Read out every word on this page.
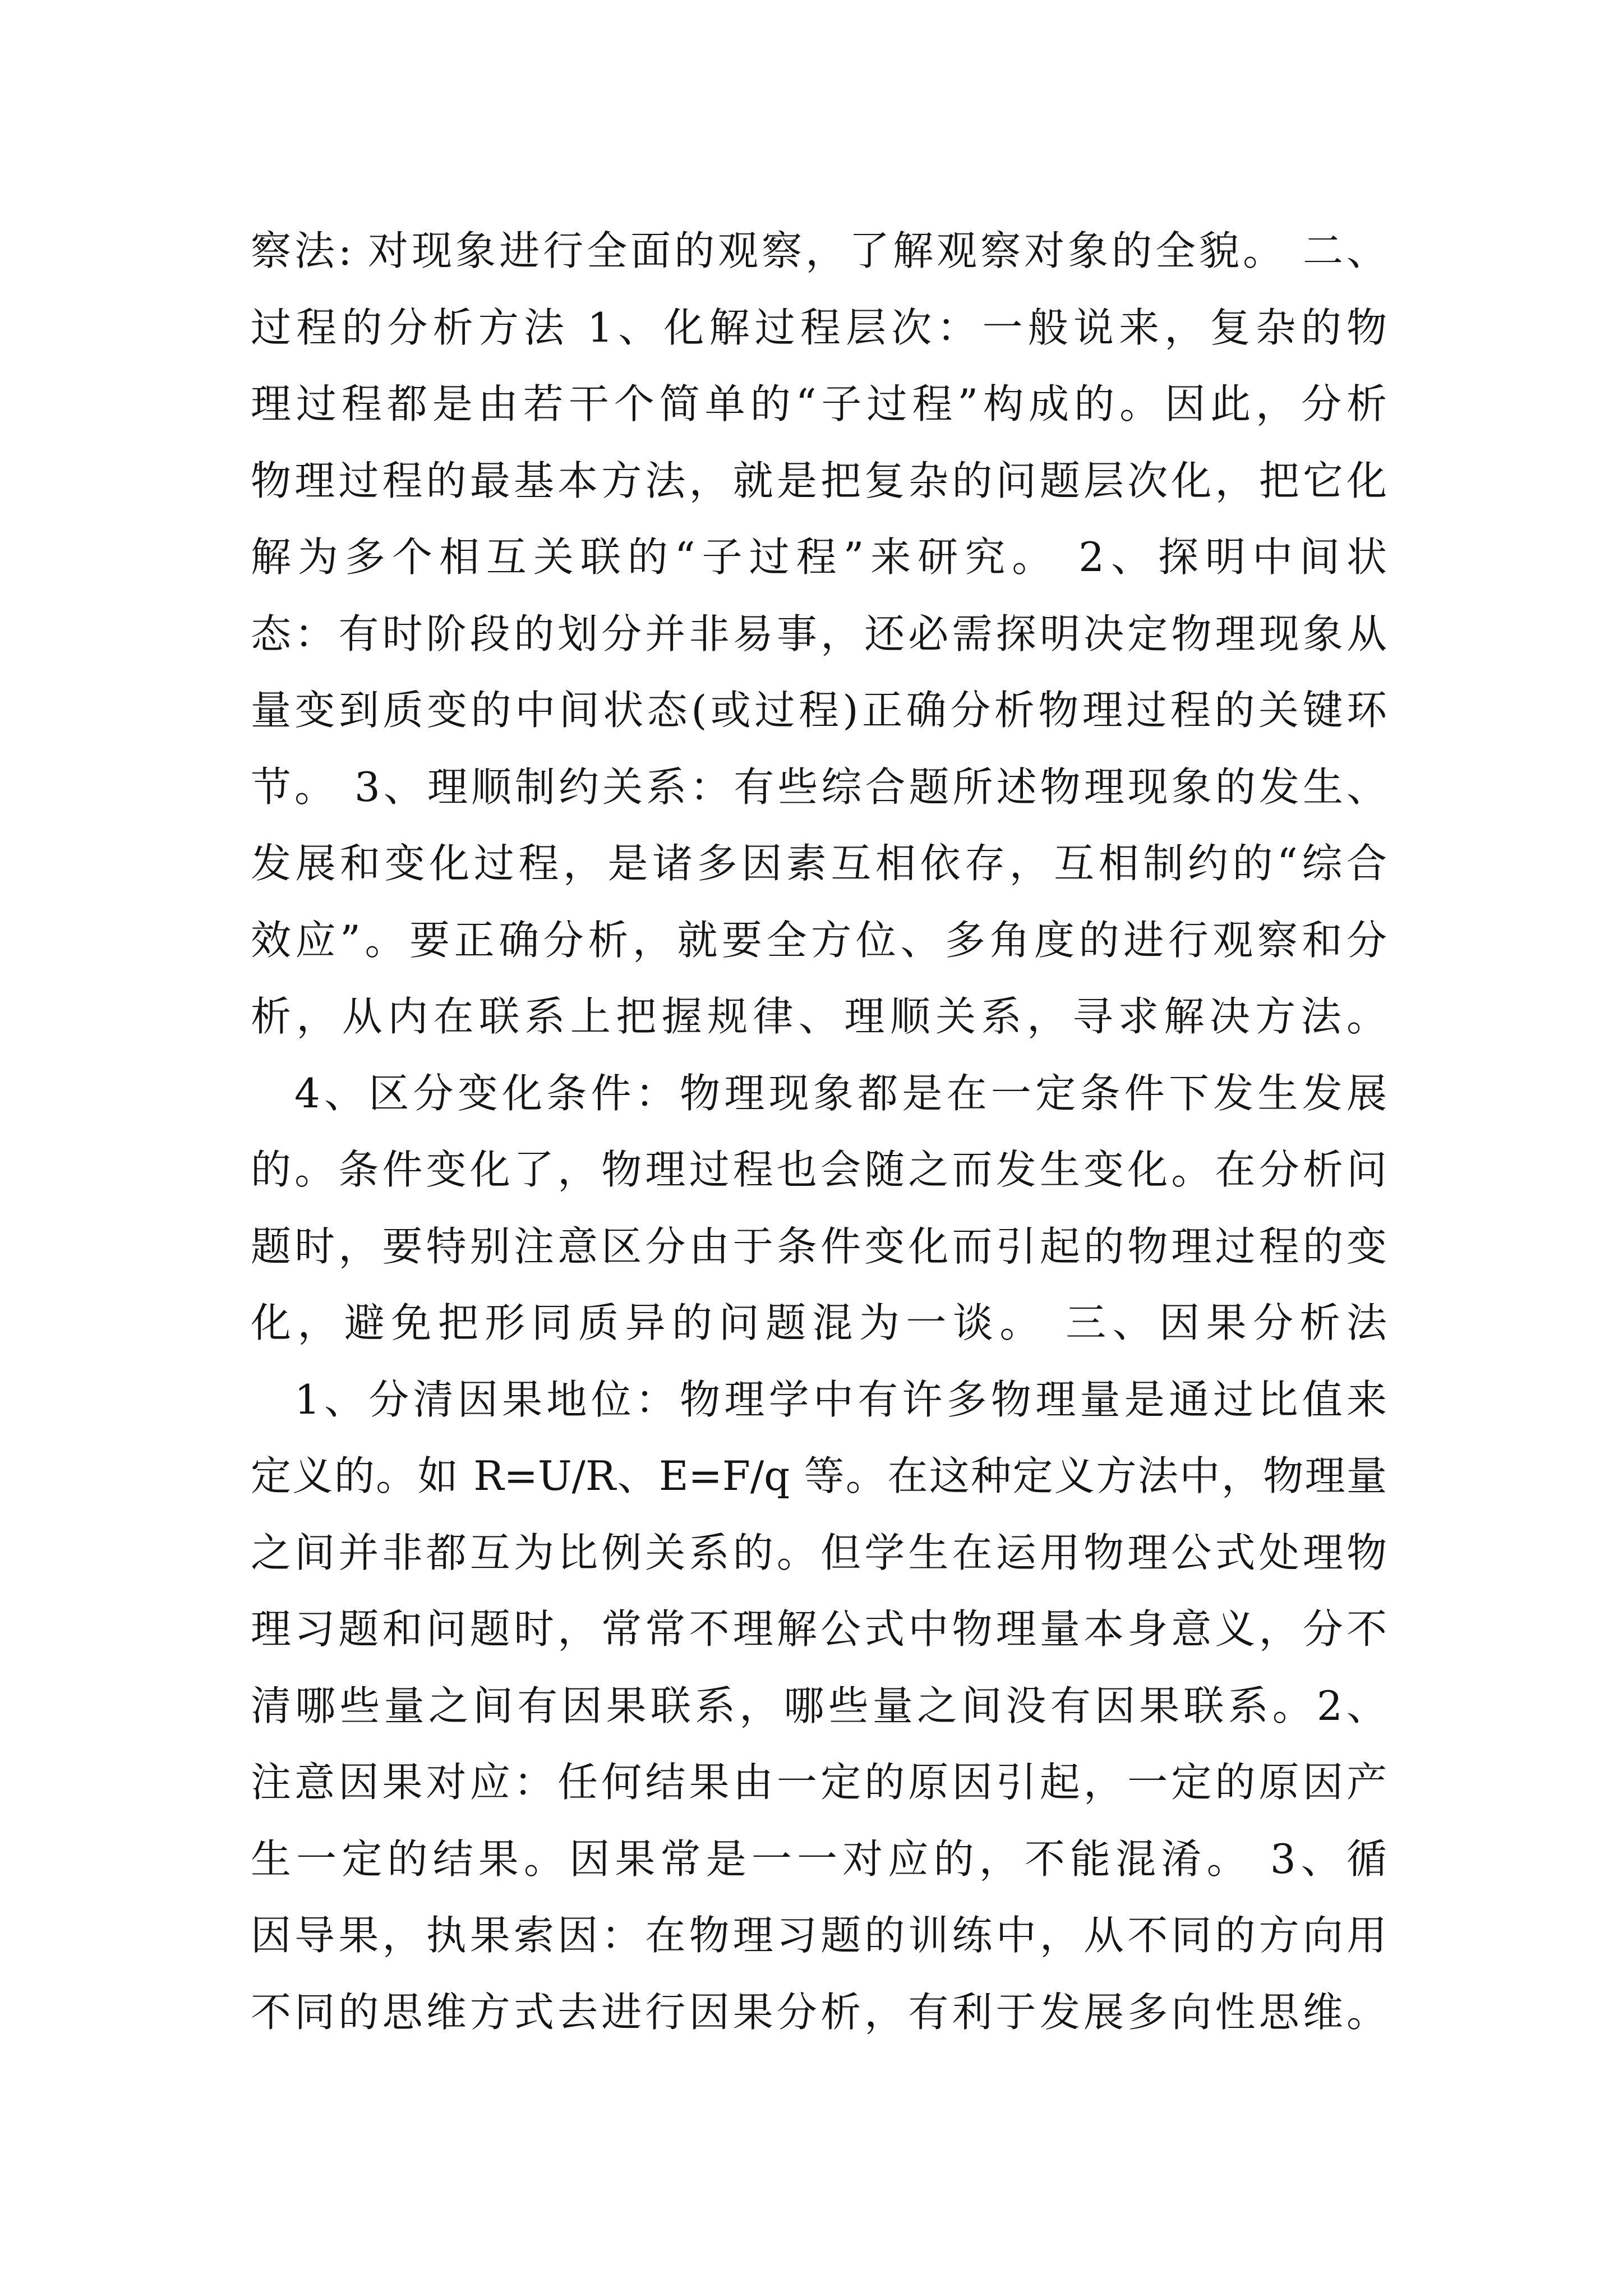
察法: 对现象进行全面的观察，了解观察对象的全貌。 二、
过程的分析方法 1、化解过程层次：一般说来，复杂的物
理过程都是由若干个简单的“子过程”构成的。因此，分析
物理过程的最基本方法，就是把复杂的问题层次化，把它化
解为多个相互关联的“子过程”来研究。 2、探明中间状
态：有时阶段的划分并非易事，还必需探明决定物理现象从
量变到质变的中间状态(或过程)正确分析物理过程的关键环
节。 3、理顺制约关系：有些综合题所述物理现象的发生、
发展和变化过程，是诸多因素互相依存，互相制约的“综合
效应”。要正确分析，就要全方位、多角度的进行观察和分
析，从内在联系上把握规律、理顺关系，寻求解决方法。
4、区分变化条件：物理现象都是在一定条件下发生发展
的。条件变化了，物理过程也会随之而发生变化。在分析问
题时，要特别注意区分由于条件变化而引起的物理过程的变
化，避免把形同质异的问题混为一谈。 三、因果分析法
1、分清因果地位：物理学中有许多物理量是通过比值来
定义的。如 R=U/R、E=F/q 等。在这种定义方法中，物理量
之间并非都互为比例关系的。但学生在运用物理公式处理物
理习题和问题时，常常不理解公式中物理量本身意义，分不
清哪些量之间有因果联系，哪些量之间没有因果联系。2、
注意因果对应：任何结果由一定的原因引起，一定的原因产
生一定的结果。因果常是一一对应的，不能混淆。 3、循
因导果，执果索因：在物理习题的训练中，从不同的方向用
不同的思维方式去进行因果分析，有利于发展多向性思维。
